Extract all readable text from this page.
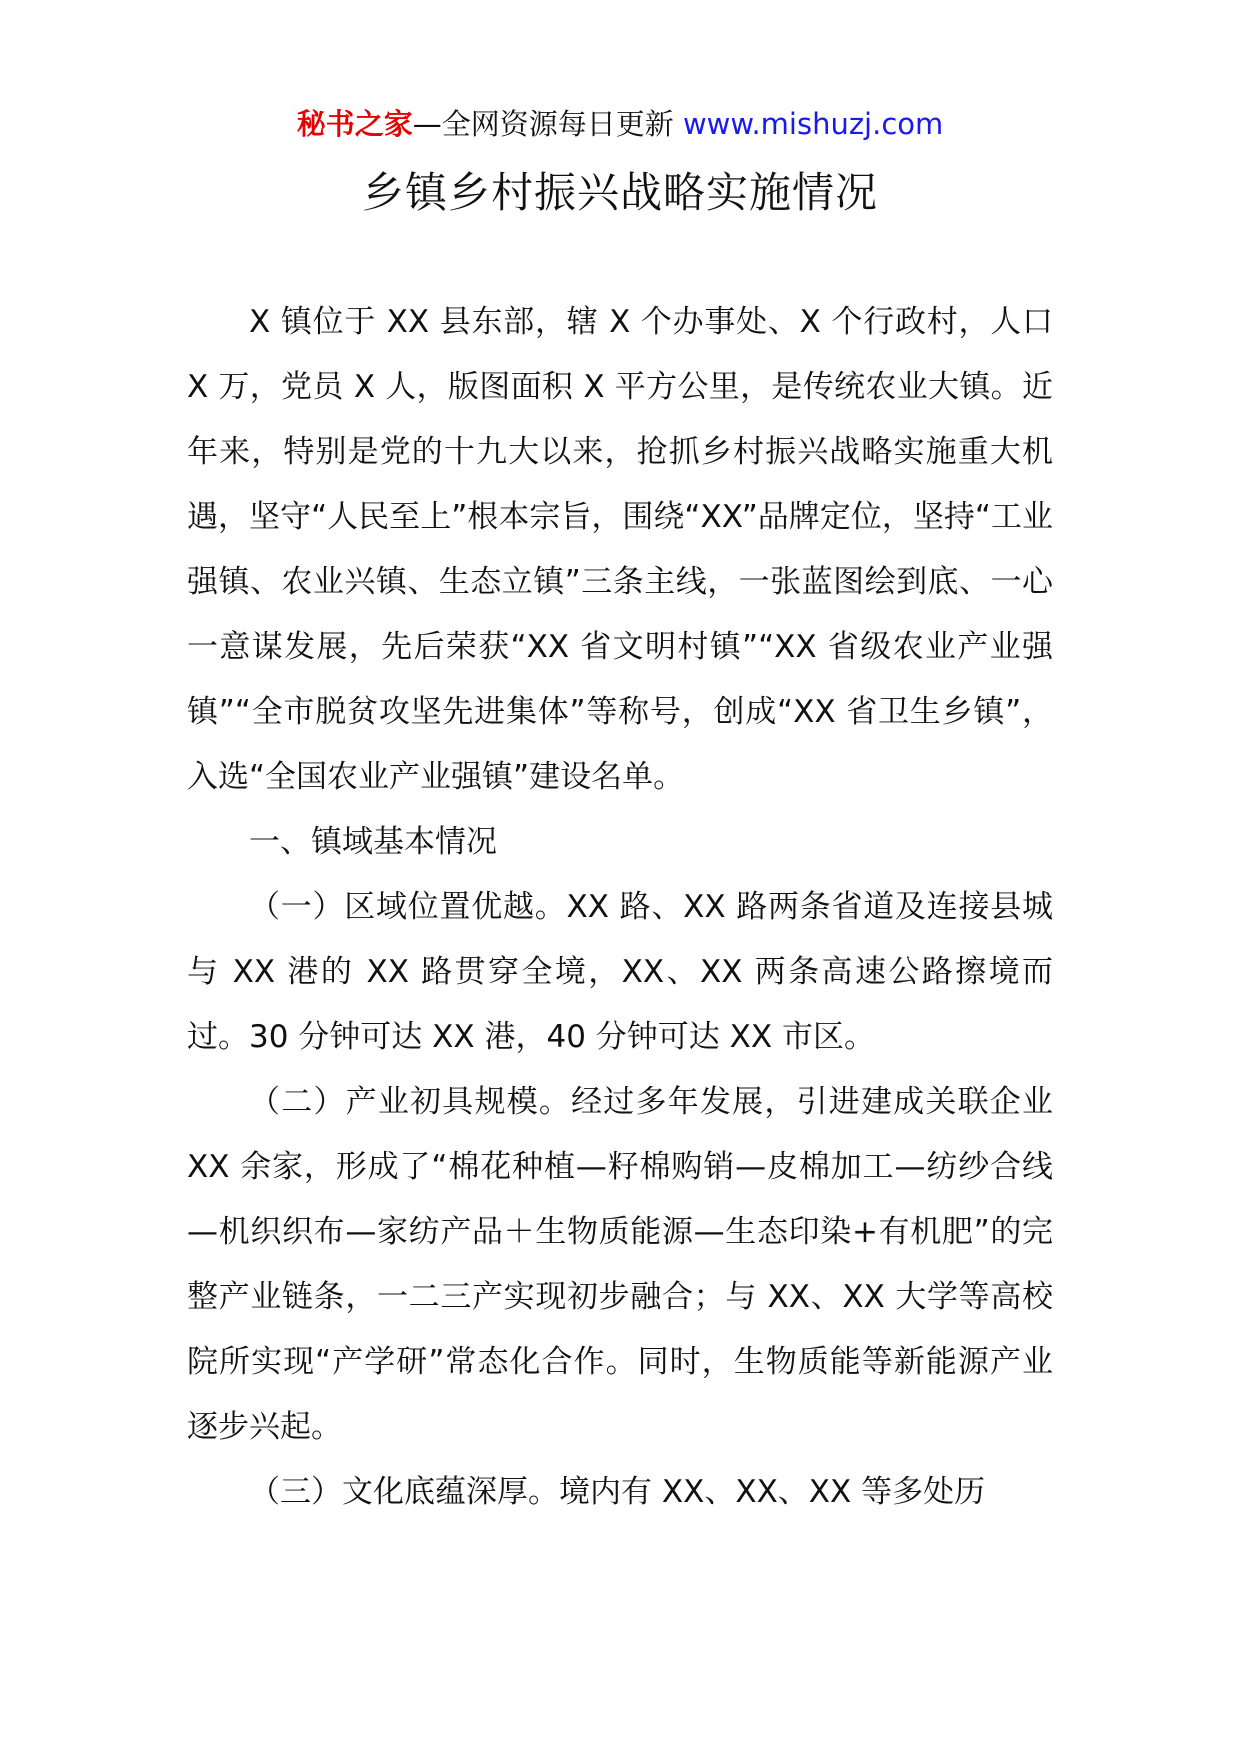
秘书之家—全网资源每日更新 www.mishuzj.com
乡镇乡村振兴战略实施情况

X 镇位于 XX 县东部，辖 X 个办事处、X 个行政村，人口 X 万，党员 X 人，版图面积 X 平方公里，是传统农业大镇。近年来，特别是党的十九大以来，抢抓乡村振兴战略实施重大机遇，坚守“人民至上”根本宗旨，围绕“XX”品牌定位，坚持“工业强镇、农业兴镇、生态立镇”三条主线，一张蓝图绘到底、一心一意谋发展，先后荣获“XX 省文明村镇”“XX 省级农业产业强镇”“全市脱贫攻坚先进集体”等称号，创成“XX 省卫生乡镇”，入选“全国农业产业强镇”建设名单。

一、镇域基本情况

（一）区域位置优越。XX 路、XX 路两条省道及连接县城与 XX 港的 XX 路贯穿全境，XX、XX 两条高速公路擦境而过。30 分钟可达 XX 港，40 分钟可达 XX 市区。

（二）产业初具规模。经过多年发展，引进建成关联企业 XX 余家，形成了“棉花种植—籽棉购销—皮棉加工—纺纱合线—机织织布—家纺产品＋生物质能源—生态印染+有机肥”的完整产业链条，一二三产实现初步融合；与 XX、XX 大学等高校院所实现“产学研”常态化合作。同时，生物质能等新能源产业逐步兴起。

（三）文化底蕴深厚。境内有 XX、XX、XX 等多处历
